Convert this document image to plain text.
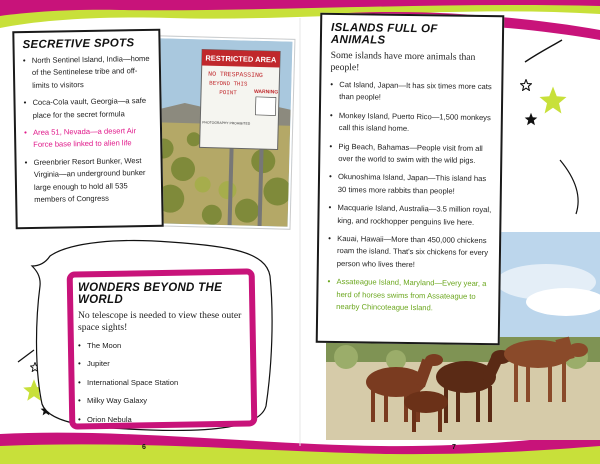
RESTRICTED AREA
NO TRESPASSING
BEYOND THIS
POINT	WARNING
PHOTOGRAPHY PROHIBITED
SECRETIVE SPOTS
• North Sentinel Island, India—home of the Sentinelese tribe and off-limits to visitors
• Coca-Cola vault, Georgia—a safe place for the secret formula
• Area 51, Nevada—a desert Air Force base linked to alien life
• Greenbrier Resort Bunker, West Virginia—an underground bunker large enough to hold all 535 members of Congress
WONDERS BEYOND THE WORLD
No telescope is needed to view these outer space sights!
• The Moon
• Jupiter
• International Space Station
• Milky Way Galaxy
• Orion Nebula
ISLANDS FULL OF ANIMALS
Some islands have more animals than people!
• Cat Island, Japan—It has six times more cats than people!
• Monkey Island, Puerto Rico—1,500 monkeys call this island home.
• Pig Beach, Bahamas—People visit from all over the world to swim with the wild pigs.
• Okunoshima Island, Japan—This island has 30 times more rabbits than people!
• Macquarie Island, Australia—3.5 million royal, king, and rockhopper penguins live here.
• Kauai, Hawaii—More than 450,000 chickens roam the island. That's six chickens for every person who lives there!
• Assateague Island, Maryland—Every year, a herd of horses swims from Assateague to nearby Chincoteague Island.
6	7
